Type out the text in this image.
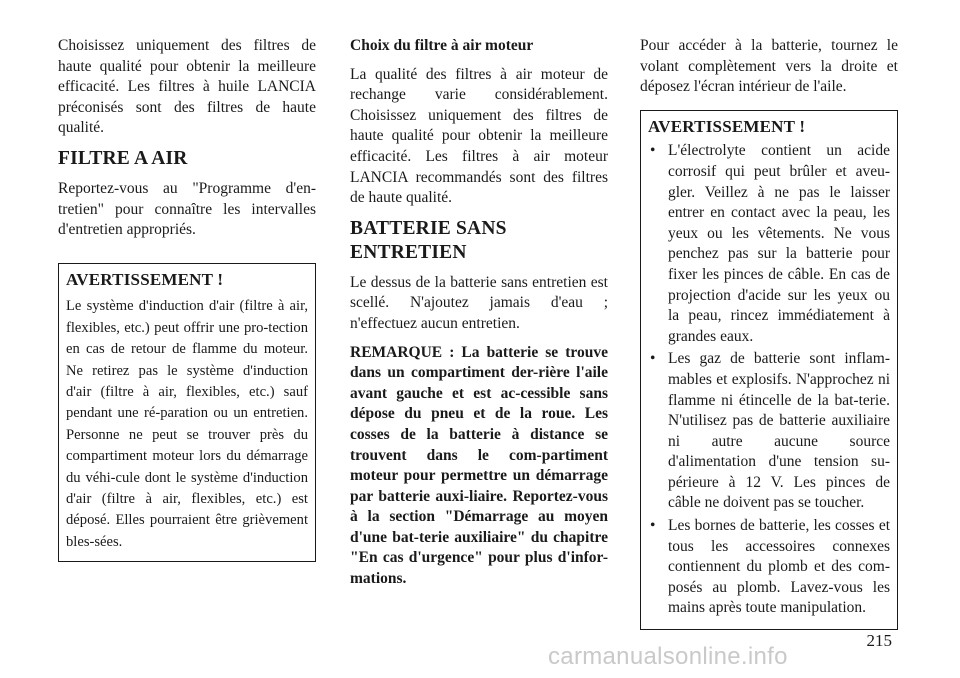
Choisissez uniquement des filtres de haute qualité pour obtenir la meilleure efficacité. Les filtres à huile LANCIA préconisés sont des filtres de haute qualité.

FILTRE A AIR

Reportez-vous au "Programme d'en-tretien" pour connaître les intervalles d'entretien appropriés.

AVERTISSEMENT !

Le système d'induction d'air (filtre à air, flexibles, etc.) peut offrir une pro-tection en cas de retour de flamme du moteur. Ne retirez pas le système d'induction d'air (filtre à air, flexibles, etc.) sauf pendant une ré-paration ou un entretien. Personne ne peut se trouver près du compartiment moteur lors du démarrage du véhi-cule dont le système d'induction d'air (filtre à air, flexibles, etc.) est déposé. Elles pourraient être grièvement bles-sées.

Choix du filtre à air moteur

La qualité des filtres à air moteur de rechange varie considérablement. Choisissez uniquement des filtres de haute qualité pour obtenir la meilleure efficacité. Les filtres à air moteur LANCIA recommandés sont des filtres de haute qualité.

BATTERIE SANS ENTRETIEN

Le dessus de la batterie sans entretien est scellé. N'ajoutez jamais d'eau ; n'effectuez aucun entretien.

REMARQUE : La batterie se trouve dans un compartiment der-rière l'aile avant gauche et est ac-cessible sans dépose du pneu et de la roue. Les cosses de la batterie à distance se trouvent dans le com-partiment moteur pour permettre un démarrage par batterie auxi-liaire. Reportez-vous à la section "Démarrage au moyen d'une bat-terie auxiliaire" du chapitre "En cas d'urgence" pour plus d'infor-mations.

Pour accéder à la batterie, tournez le volant complètement vers la droite et déposez l'écran intérieur de l'aile.

AVERTISSEMENT !
• L'électrolyte contient un acide corrosif qui peut brûler et aveu-gler. Veillez à ne pas le laisser entrer en contact avec la peau, les yeux ou les vêtements. Ne vous penchez pas sur la batterie pour fixer les pinces de câble. En cas de projection d'acide sur les yeux ou la peau, rincez immédiatement à grandes eaux.
• Les gaz de batterie sont inflam-mables et explosifs. N'approchez ni flamme ni étincelle de la bat-terie. N'utilisez pas de batterie auxiliaire ni autre aucune source d'alimentation d'une tension su-périeure à 12 V. Les pinces de câble ne doivent pas se toucher.
• Les bornes de batterie, les cosses et tous les accessoires connexes contiennent du plomb et des com-posés au plomb. Lavez-vous les mains après toute manipulation.
215
carmanualsonline.info
